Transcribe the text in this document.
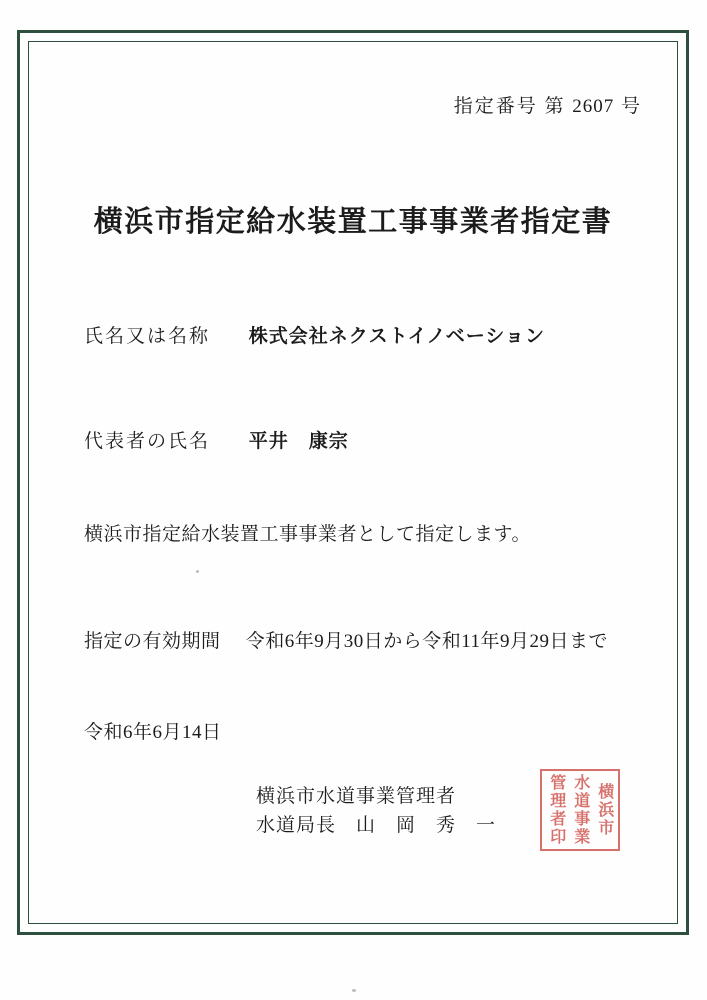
指定番号 第 2607 号
横浜市指定給水装置工事事業者指定書
氏名又は名称 株式会社ネクストイノベーション
代表者の氏名 平井　康宗
横浜市指定給水装置工事事業者として指定します。
指定の有効期間 令和6年9月30日から令和11年9月29日まで
令和6年6月14日
横浜市水道事業管理者
水道局長　山　岡　秀　一	横浜市
水道事業
管理者印
